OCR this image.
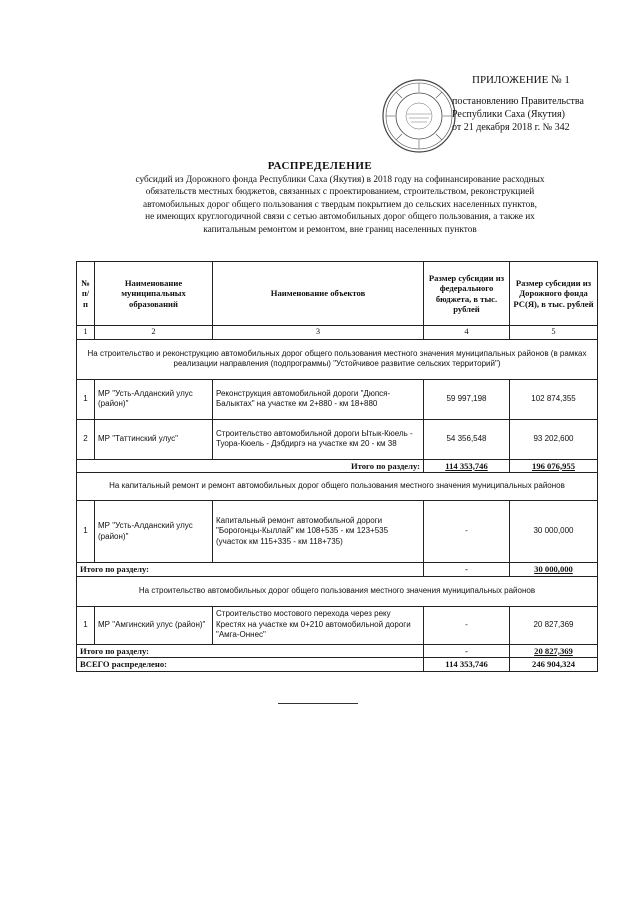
ПРИЛОЖЕНИЕ № 1
постановлению Правительства
Республики Саха (Якутия)
от 21 декабря 2018 г. № 342
РАСПРЕДЕЛЕНИЕ
субсидий из Дорожного фонда Республики Саха (Якутия) в 2018 году на софинансирование расходных
обязательств местных бюджетов, связанных с проектированием, строительством, реконструкцией
автомобильных дорог общего пользования с твердым покрытием до сельских населенных пунктов,
не имеющих круглогодичной связи с сетью автомобильных дорог общего пользования, а также их
капитальным ремонтом и ремонтом, вне границ населенных пунктов
№ п/п	Наименование муниципальных образований	Наименование объектов	Размер субсидии из федерального бюджета, в тыс. рублей	Размер субсидии из Дорожного фонда РС(Я), в тыс. рублей
1	2	3	4	5
На строительство и реконструкцию автомобильных дорог общего пользования местного значения муниципальных районов (в рамках реализации направления (подпрограммы) "Устойчивое развитие сельских территорий")				
1	МР "Усть-Алданский улус (район)"	Реконструкция автомобильной дороги "Дюпся-Балыктах" на участке км 2+880 - км 18+880	59 997,198	102 874,355
2	МР "Таттинский улус"	Строительство автомобильной дороги Ытык-Кюель - Туора-Кюель - Дэбдиргэ на участке км 20 - км 38	54 356,548	93 202,600
Итого по разделу:			114 353,746	196 076,955
На капитальный ремонт и ремонт автомобильных дорог общего пользования местного значения муниципальных районов				
1	МР "Усть-Алданский улус (район)"	Капитальный ремонт автомобильной дороги "Борогонцы-Кыллай" км 108+535 - км 123+535 (участок км 115+335 - км 118+735)	-	30 000,000
Итого по разделу:			-	30 000,000
На строительство автомобильных дорог общего пользования местного значения муниципальных районов				
1	МР "Амгинский улус (район)"	Строительство мостового перехода через реку Крестях на участке км 0+210 автомобильной дороги "Амга-Оннес"	-	20 827,369
Итого по разделу:			-	20 827,369
ВСЕГО распределено:			114 353,746	246 904,324
